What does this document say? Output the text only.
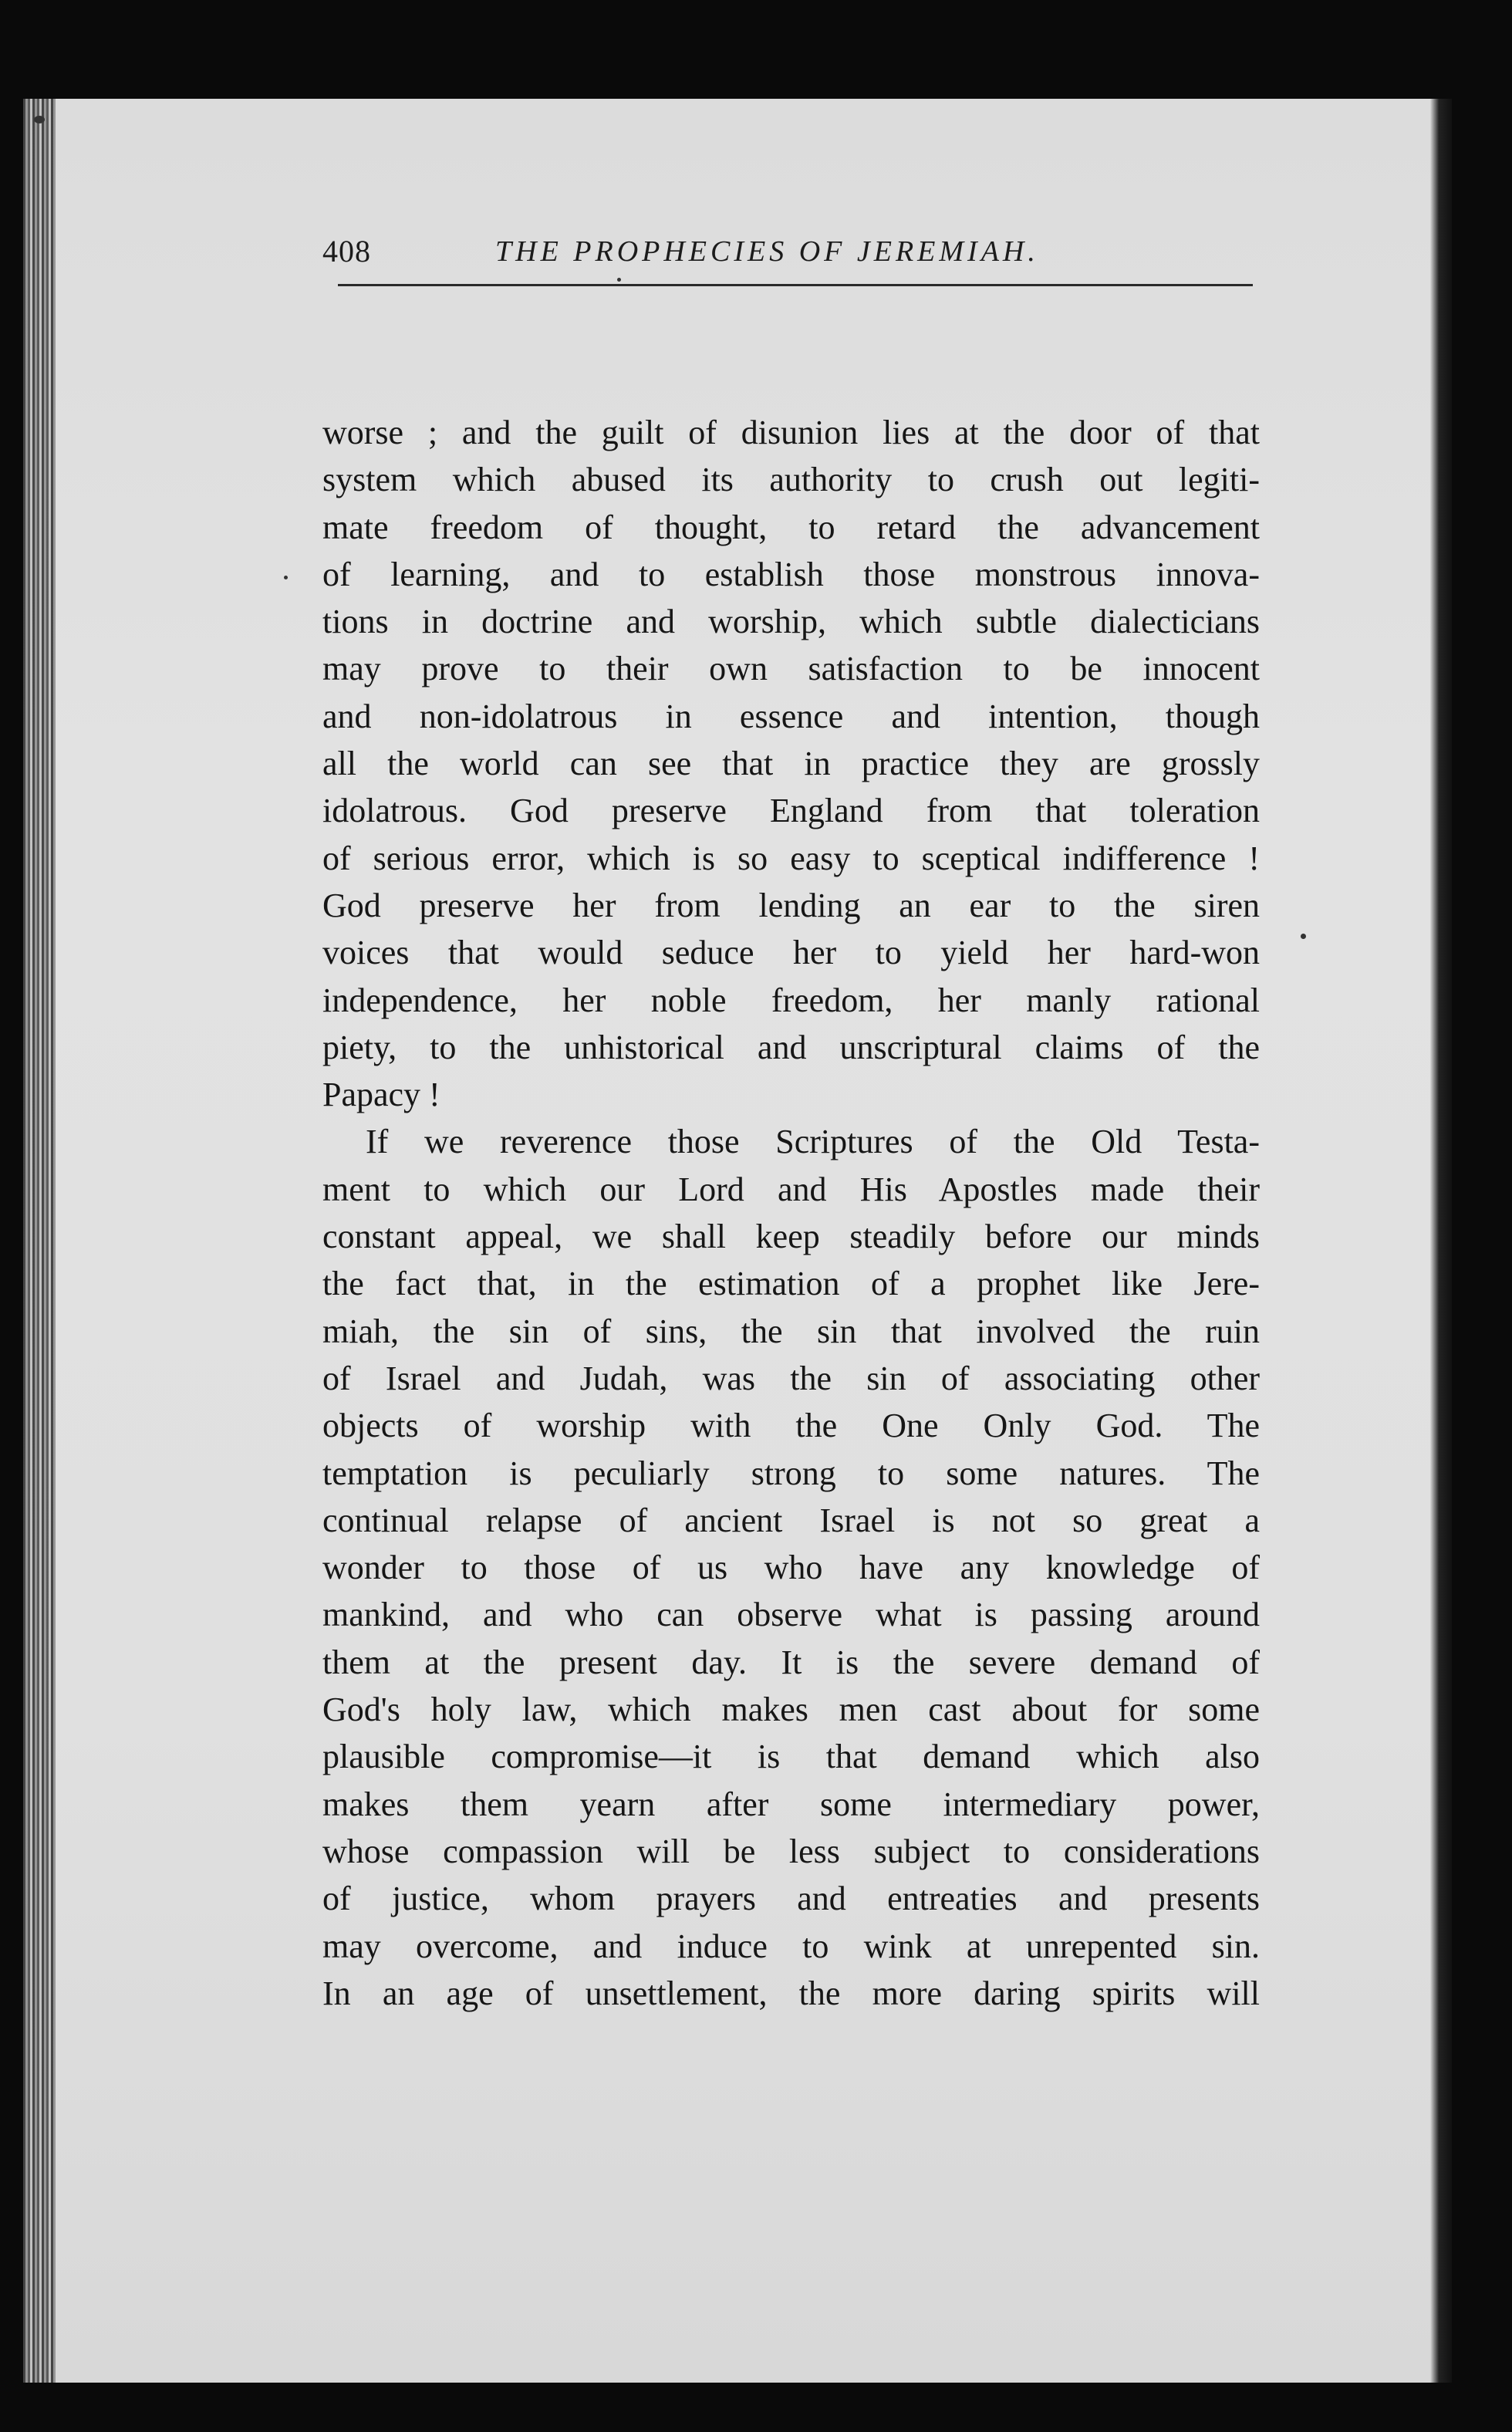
408	THE PROPHECIES OF JEREMIAH.
worse ; and the guilt of disunion lies at the door of that
system which abused its authority to crush out legiti-
mate freedom of thought, to retard the advancement
of learning, and to establish those monstrous innova-
tions in doctrine and worship, which subtle dialecticians
may prove to their own satisfaction to be innocent
and non-idolatrous in essence and intention, though
all the world can see that in practice they are grossly
idolatrous. God preserve England from that toleration
of serious error, which is so easy to sceptical indifference !
God preserve her from lending an ear to the siren
voices that would seduce her to yield her hard-won
independence, her noble freedom, her manly rational
piety, to the unhistorical and unscriptural claims of the
Papacy !
If we reverence those Scriptures of the Old Testa-
ment to which our Lord and His Apostles made their
constant appeal, we shall keep steadily before our minds
the fact that, in the estimation of a prophet like Jere-
miah, the sin of sins, the sin that involved the ruin
of Israel and Judah, was the sin of associating other
objects of worship with the One Only God. The
temptation is peculiarly strong to some natures. The
continual relapse of ancient Israel is not so great a
wonder to those of us who have any knowledge of
mankind, and who can observe what is passing around
them at the present day. It is the severe demand of
God's holy law, which makes men cast about for some
plausible compromise—it is that demand which also
makes them yearn after some intermediary power,
whose compassion will be less subject to considerations
of justice, whom prayers and entreaties and presents
may overcome, and induce to wink at unrepented sin.
In an age of unsettlement, the more daring spirits will
